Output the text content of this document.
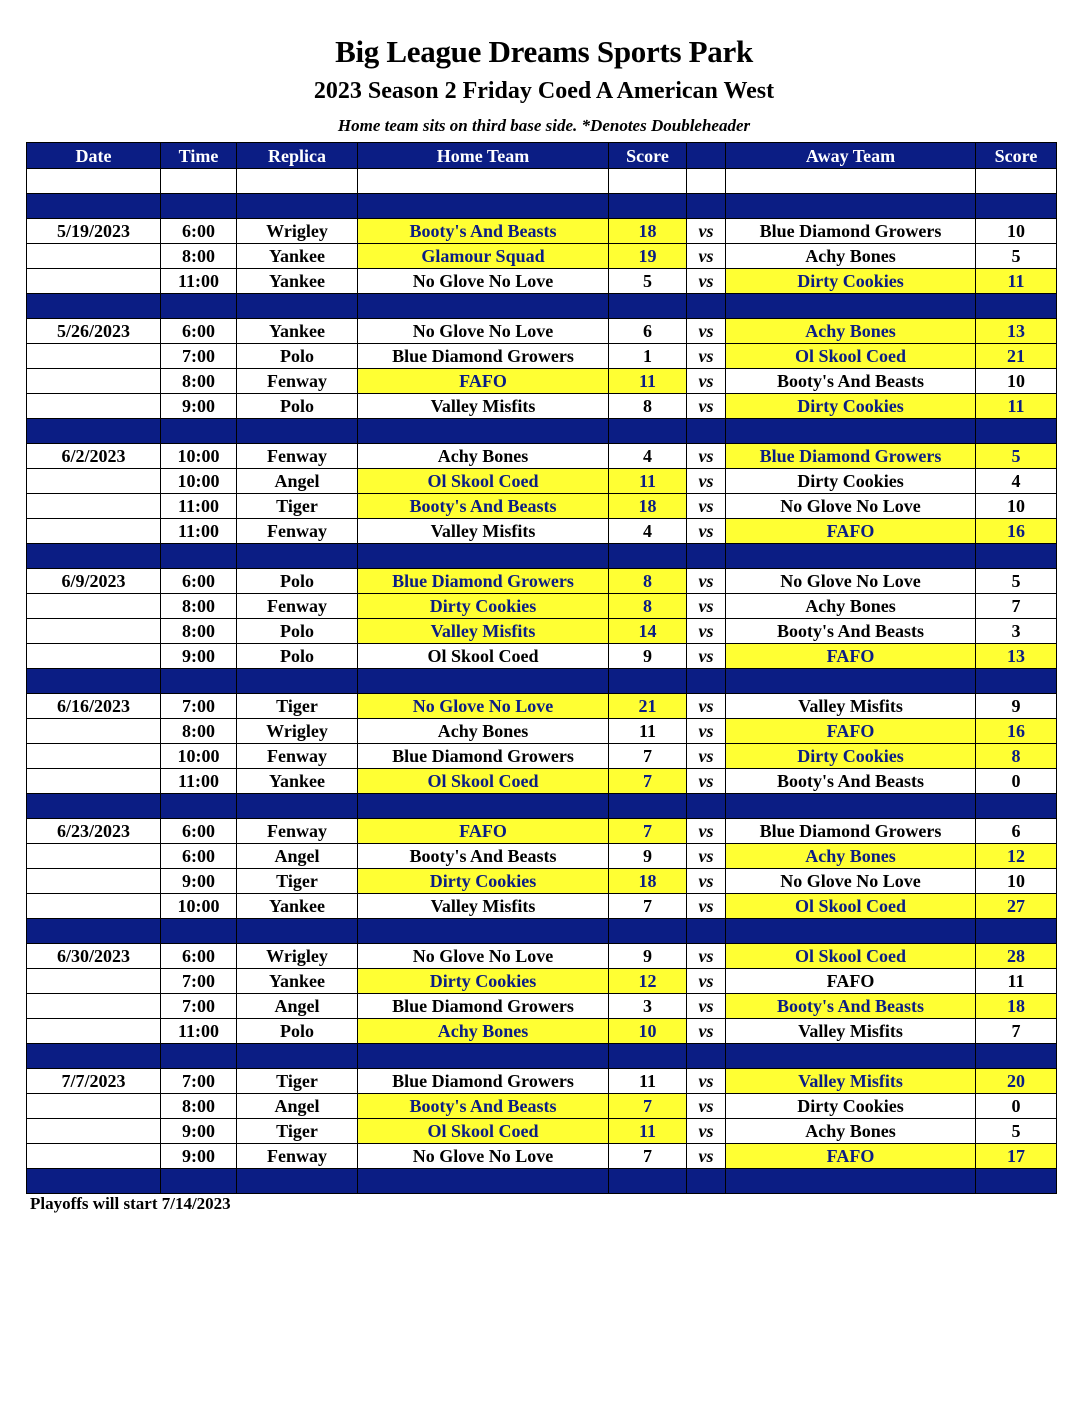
Big League Dreams Sports Park
2023 Season 2 Friday Coed A American West
Home team sits on third base side. *Denotes Doubleheader
Date	Time	Replica	Home Team	Score		Away Team	Score

5/19/2023	6:00	Wrigley	Booty's And Beasts	18	vs	Blue Diamond Growers	10
	8:00	Yankee	Glamour Squad	19	vs	Achy Bones	5
	11:00	Yankee	No Glove No Love	5	vs	Dirty Cookies	11

5/26/2023	6:00	Yankee	No Glove No Love	6	vs	Achy Bones	13
	7:00	Polo	Blue Diamond Growers	1	vs	Ol Skool Coed	21
	8:00	Fenway	FAFO	11	vs	Booty's And Beasts	10
	9:00	Polo	Valley Misfits	8	vs	Dirty Cookies	11

6/2/2023	10:00	Fenway	Achy Bones	4	vs	Blue Diamond Growers	5
	10:00	Angel	Ol Skool Coed	11	vs	Dirty Cookies	4
	11:00	Tiger	Booty's And Beasts	18	vs	No Glove No Love	10
	11:00	Fenway	Valley Misfits	4	vs	FAFO	16

6/9/2023	6:00	Polo	Blue Diamond Growers	8	vs	No Glove No Love	5
	8:00	Fenway	Dirty Cookies	8	vs	Achy Bones	7
	8:00	Polo	Valley Misfits	14	vs	Booty's And Beasts	3
	9:00	Polo	Ol Skool Coed	9	vs	FAFO	13

6/16/2023	7:00	Tiger	No Glove No Love	21	vs	Valley Misfits	9
	8:00	Wrigley	Achy Bones	11	vs	FAFO	16
	10:00	Fenway	Blue Diamond Growers	7	vs	Dirty Cookies	8
	11:00	Yankee	Ol Skool Coed	7	vs	Booty's And Beasts	0

6/23/2023	6:00	Fenway	FAFO	7	vs	Blue Diamond Growers	6
	6:00	Angel	Booty's And Beasts	9	vs	Achy Bones	12
	9:00	Tiger	Dirty Cookies	18	vs	No Glove No Love	10
	10:00	Yankee	Valley Misfits	7	vs	Ol Skool Coed	27

6/30/2023	6:00	Wrigley	No Glove No Love	9	vs	Ol Skool Coed	28
	7:00	Yankee	Dirty Cookies	12	vs	FAFO	11
	7:00	Angel	Blue Diamond Growers	3	vs	Booty's And Beasts	18
	11:00	Polo	Achy Bones	10	vs	Valley Misfits	7

7/7/2023	7:00	Tiger	Blue Diamond Growers	11	vs	Valley Misfits	20
	8:00	Angel	Booty's And Beasts	7	vs	Dirty Cookies	0
	9:00	Tiger	Ol Skool Coed	11	vs	Achy Bones	5
	9:00	Fenway	No Glove No Love	7	vs	FAFO	17

Playoffs will start 7/14/2023
